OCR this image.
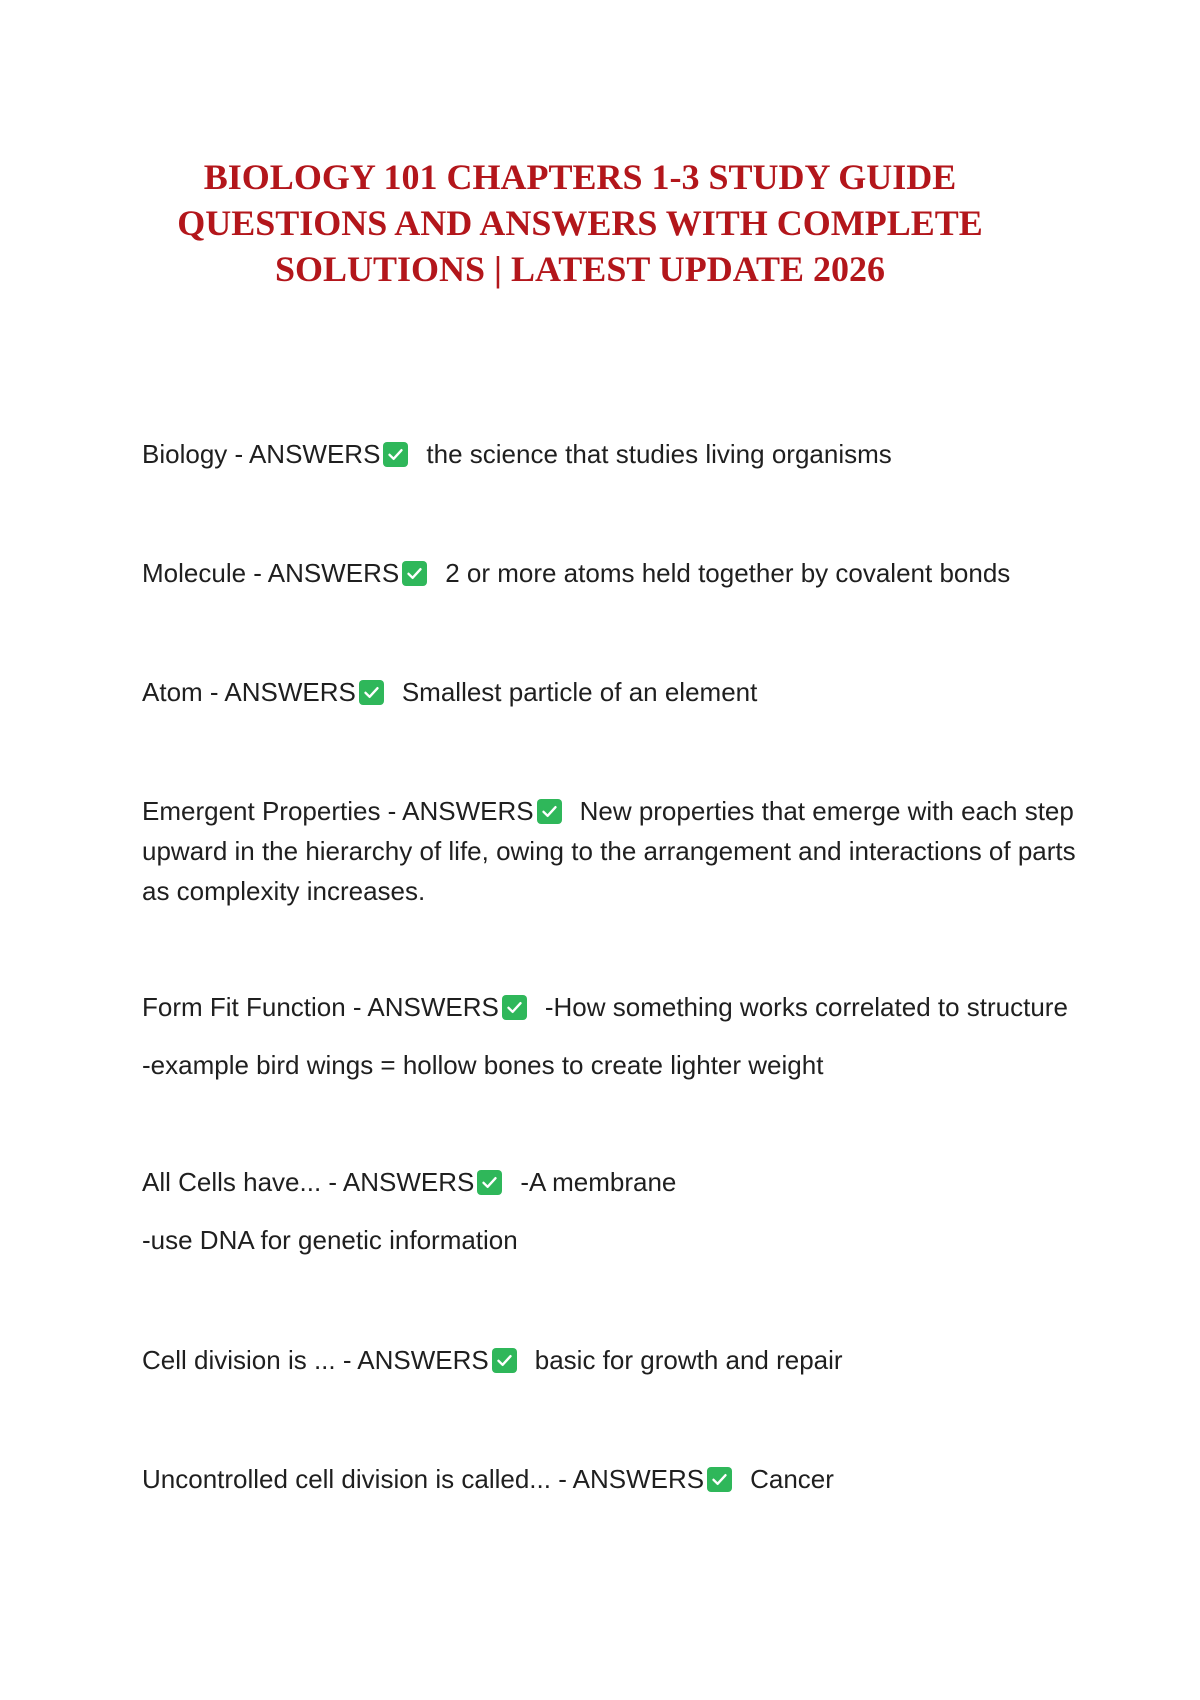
BIOLOGY 101 CHAPTERS 1-3 STUDY GUIDE QUESTIONS AND ANSWERS WITH COMPLETE SOLUTIONS | LATEST UPDATE 2026

Biology - ANSWERS the science that studies living organisms

Molecule - ANSWERS 2 or more atoms held together by covalent bonds

Atom - ANSWERS Smallest particle of an element

Emergent Properties - ANSWERS New properties that emerge with each step upward in the hierarchy of life, owing to the arrangement and interactions of parts as complexity increases.

Form Fit Function - ANSWERS -How something works correlated to structure

-example bird wings = hollow bones to create lighter weight

All Cells have... - ANSWERS -A membrane

-use DNA for genetic information

Cell division is ... - ANSWERS basic for growth and repair

Uncontrolled cell division is called... - ANSWERS Cancer
